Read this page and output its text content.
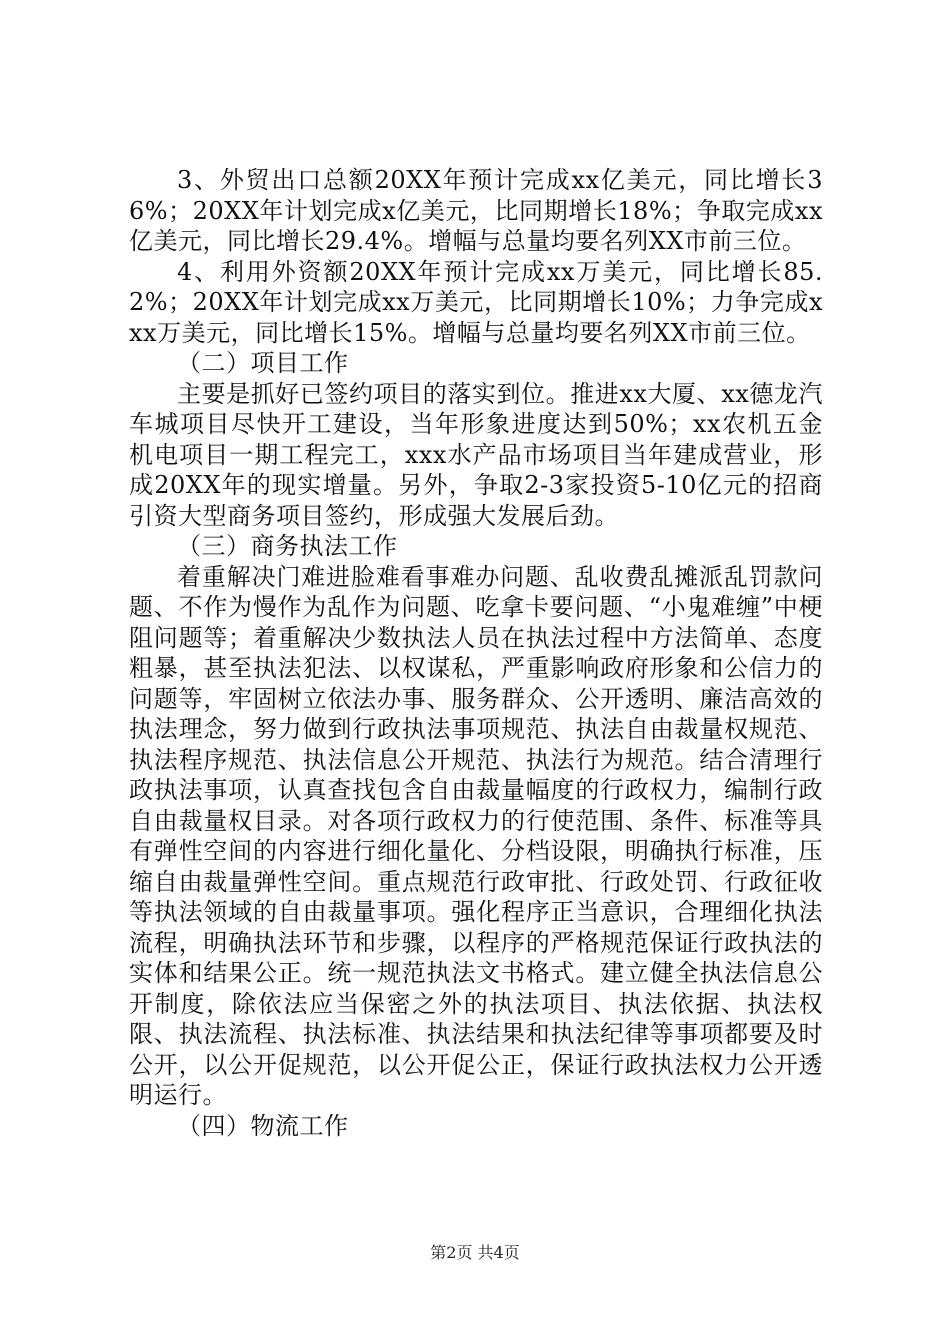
3、外贸出口总额20XX年预计完成xx亿美元，同比增长36%；20XX年计划完成x亿美元，比同期增长18%；争取完成xx亿美元，同比增长29.4%。增幅与总量均要名列XX市前三位。

4、利用外资额20XX年预计完成xx万美元，同比增长85.2%；20XX年计划完成xx万美元，比同期增长10%；力争完成xxx万美元，同比增长15%。增幅与总量均要名列XX市前三位。

（二）项目工作

主要是抓好已签约项目的落实到位。推进xx大厦、xx德龙汽车城项目尽快开工建设，当年形象进度达到50%；xx农机五金机电项目一期工程完工，xxx水产品市场项目当年建成营业，形成20XX年的现实增量。另外，争取2-3家投资5-10亿元的招商引资大型商务项目签约，形成强大发展后劲。

（三）商务执法工作

着重解决门难进脸难看事难办问题、乱收费乱摊派乱罚款问题、不作为慢作为乱作为问题、吃拿卡要问题、“小鬼难缠”中梗阻问题等；着重解决少数执法人员在执法过程中方法简单、态度粗暴，甚至执法犯法、以权谋私，严重影响政府形象和公信力的问题等，牢固树立依法办事、服务群众、公开透明、廉洁高效的执法理念，努力做到行政执法事项规范、执法自由裁量权规范、执法程序规范、执法信息公开规范、执法行为规范。结合清理行政执法事项，认真查找包含自由裁量幅度的行政权力，编制行政自由裁量权目录。对各项行政权力的行使范围、条件、标准等具有弹性空间的内容进行细化量化、分档设限，明确执行标准，压缩自由裁量弹性空间。重点规范行政审批、行政处罚、行政征收等执法领域的自由裁量事项。强化程序正当意识，合理细化执法流程，明确执法环节和步骤，以程序的严格规范保证行政执法的实体和结果公正。统一规范执法文书格式。建立健全执法信息公开制度，除依法应当保密之外的执法项目、执法依据、执法权限、执法流程、执法标准、执法结果和执法纪律等事项都要及时公开，以公开促规范，以公开促公正，保证行政执法权力公开透明运行。

（四）物流工作

第2页 共4页
